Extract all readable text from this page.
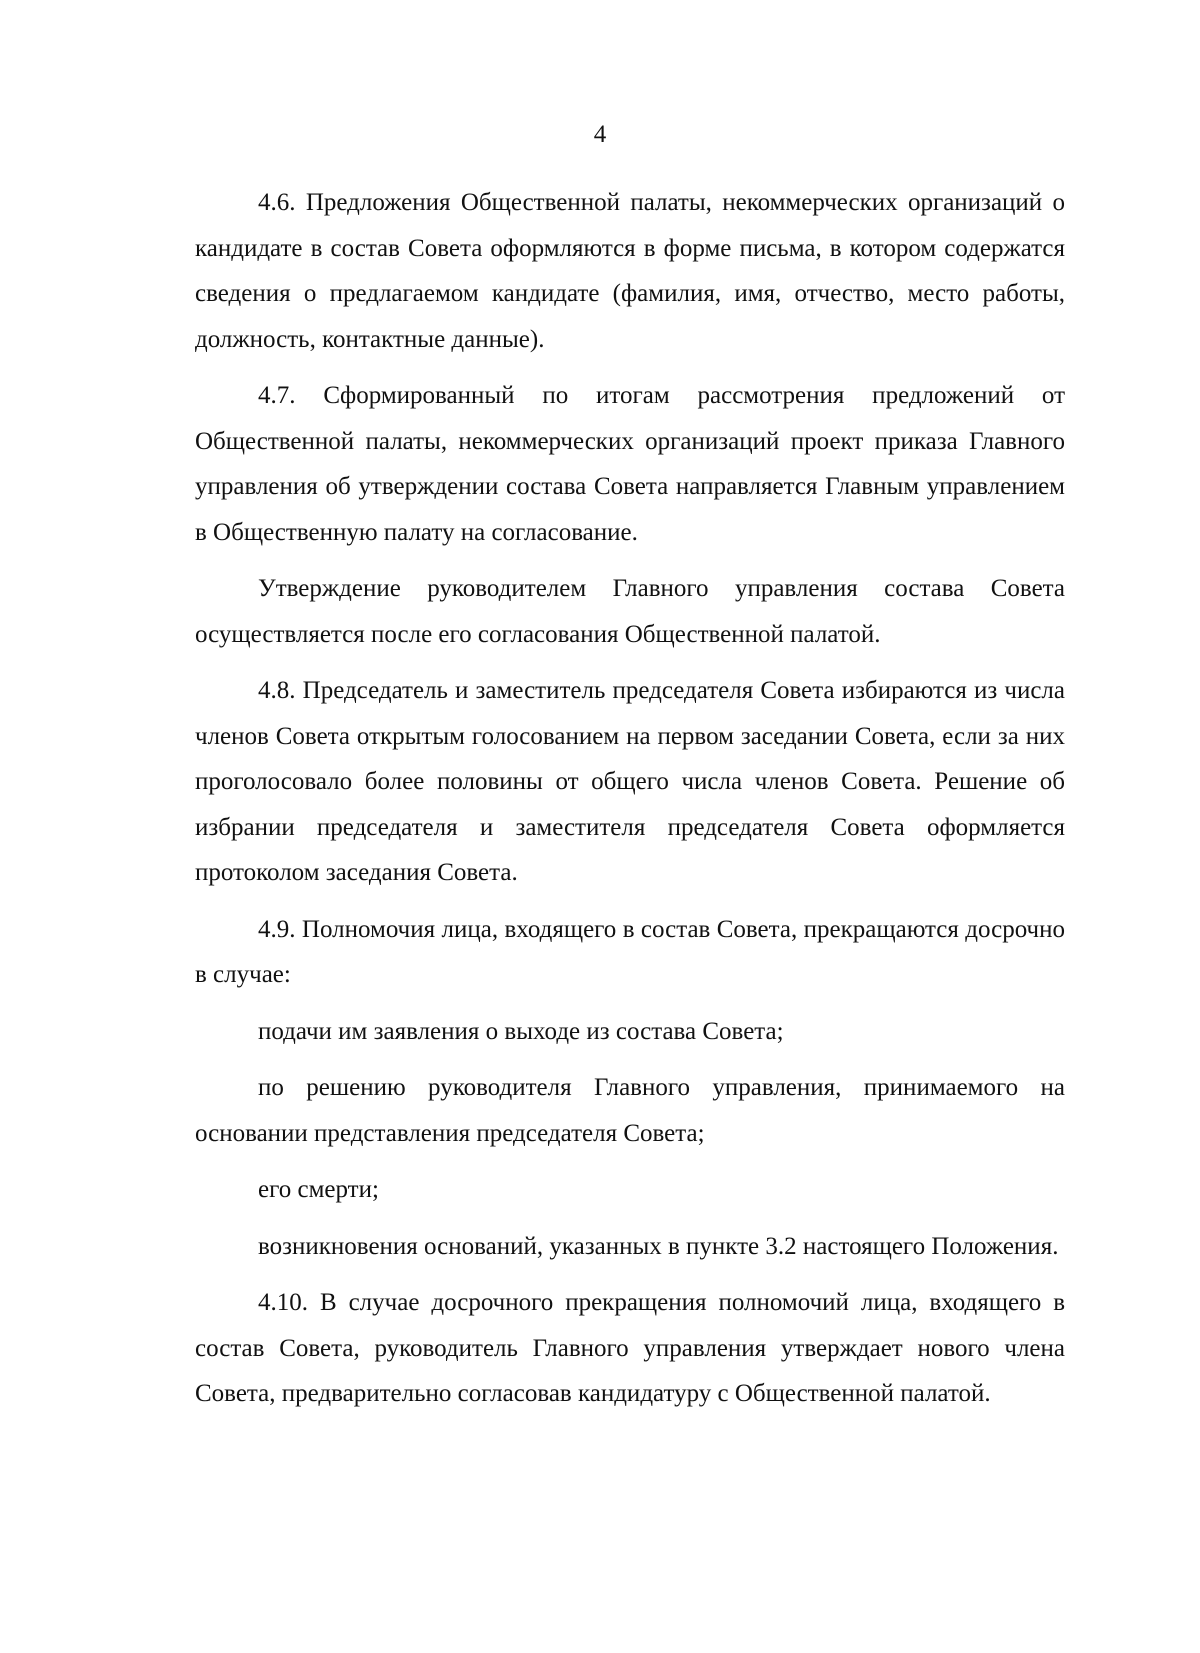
4

4.6. Предложения Общественной палаты, некоммерческих организаций о кандидате в состав Совета оформляются в форме письма, в котором содержатся сведения о предлагаемом кандидате (фамилия, имя, отчество, место работы, должность, контактные данные).

4.7. Сформированный по итогам рассмотрения предложений от Общественной палаты, некоммерческих организаций проект приказа Главного управления об утверждении состава Совета направляется Главным управлением в Общественную палату на согласование.

Утверждение руководителем Главного управления состава Совета осуществляется после его согласования Общественной палатой.

4.8. Председатель и заместитель председателя Совета избираются из числа членов Совета открытым голосованием на первом заседании Совета, если за них проголосовало более половины от общего числа членов Совета. Решение об избрании председателя и заместителя председателя Совета оформляется протоколом заседания Совета.

4.9. Полномочия лица, входящего в состав Совета, прекращаются досрочно в случае:

подачи им заявления о выходе из состава Совета;

по решению руководителя Главного управления, принимаемого на основании представления председателя Совета;

его смерти;

возникновения оснований, указанных в пункте 3.2 настоящего Положения.

4.10. В случае досрочного прекращения полномочий лица, входящего в состав Совета, руководитель Главного управления утверждает нового члена Совета, предварительно согласовав кандидатуру с Общественной палатой.
